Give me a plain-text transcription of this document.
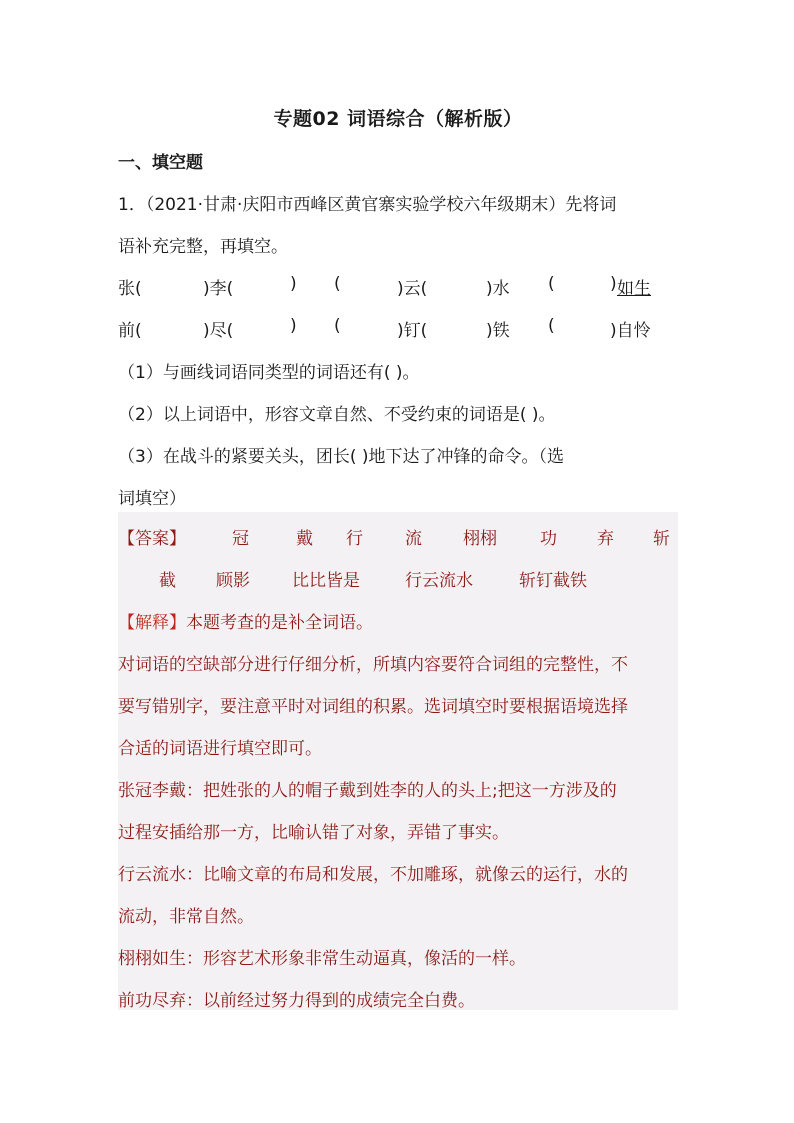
专题02 词语综合（解析版）
一、填空题
1．（2021·甘肃·庆阳市西峰区黄官寨实验学校六年级期末）先将词
语补充完整，再填空。
张(	)李(	) (	)云(	)水 (	) 如生
前(	)尽(	) (	)钉(	)铁 (	)自怜
（1）与画线词语同类型的词语还有( )。
（2）以上词语中，形容文章自然、不受约束的词语是( )。
（3）在战斗的紧要关头，团长( )地下达了冲锋的命令。（选
词填空）
【答案】	冠	戴 行 流 栩栩	功 弃 斩
截 顾影 比比皆是	行云流水	斩钉截铁
【解释】本题考查的是补全词语。
对词语的空缺部分进行仔细分析，所填内容要符合词组的完整性，不
要写错别字，要注意平时对词组的积累。选词填空时要根据语境选择
合适的词语进行填空即可。
张冠李戴：把姓张的人的帽子戴到姓李的人的头上;把这一方涉及的
过程安插给那一方，比喻认错了对象，弄错了事实。
行云流水：比喻文章的布局和发展，不加雕琢，就像云的运行，水的
流动，非常自然。
栩栩如生：形容艺术形象非常生动逼真，像活的一样。
前功尽弃：以前经过努力得到的成绩完全白费。
